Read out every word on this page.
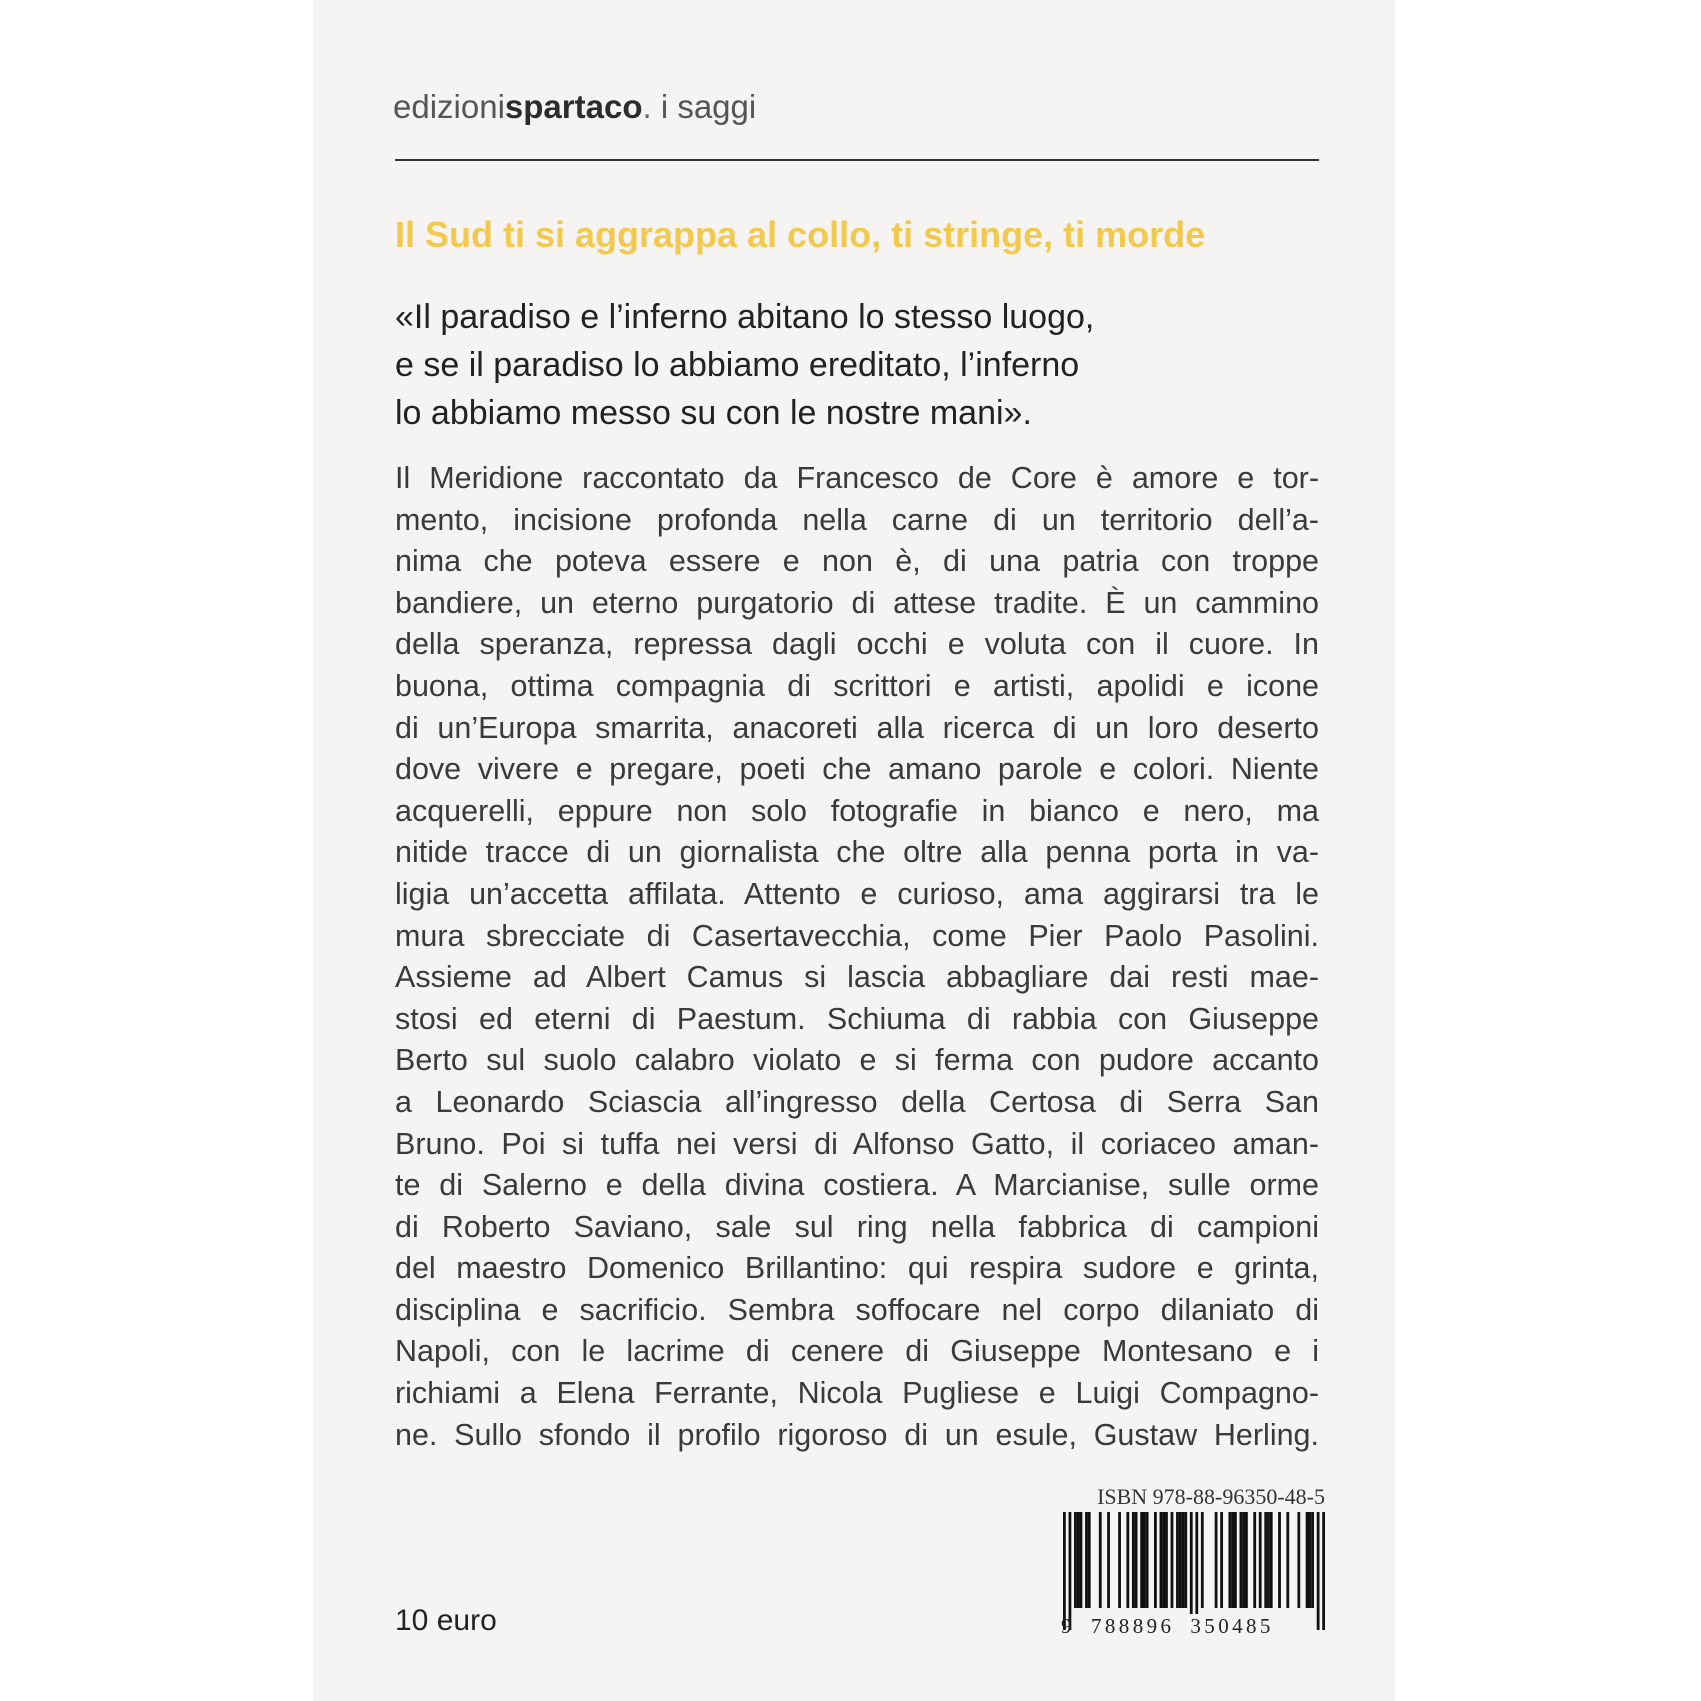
edizionispartaco. i saggi
Il Sud ti si aggrappa al collo, ti stringe, ti morde
«Il paradiso e l’inferno abitano lo stesso luogo,
e se il paradiso lo abbiamo ereditato, l’inferno
lo abbiamo messo su con le nostre mani».
Il Meridione raccontato da Francesco de Core è amore e tor-
mento, incisione profonda nella carne di un territorio dell’a-
nima che poteva essere e non è, di una patria con troppe
bandiere, un eterno purgatorio di attese tradite. È un cammino
della speranza, repressa dagli occhi e voluta con il cuore. In
buona, ottima compagnia di scrittori e artisti, apolidi e icone
di un’Europa smarrita, anacoreti alla ricerca di un loro deserto
dove vivere e pregare, poeti che amano parole e colori. Niente
acquerelli, eppure non solo fotografie in bianco e nero, ma
nitide tracce di un giornalista che oltre alla penna porta in va-
ligia un’accetta affilata. Attento e curioso, ama aggirarsi tra le
mura sbrecciate di Casertavecchia, come Pier Paolo Pasolini.
Assieme ad Albert Camus si lascia abbagliare dai resti mae-
stosi ed eterni di Paestum. Schiuma di rabbia con Giuseppe
Berto sul suolo calabro violato e si ferma con pudore accanto
a Leonardo Sciascia all’ingresso della Certosa di Serra San
Bruno. Poi si tuffa nei versi di Alfonso Gatto, il coriaceo aman-
te di Salerno e della divina costiera. A Marcianise, sulle orme
di Roberto Saviano, sale sul ring nella fabbrica di campioni
del maestro Domenico Brillantino: qui respira sudore e grinta,
disciplina e sacrificio. Sembra soffocare nel corpo dilaniato di
Napoli, con le lacrime di cenere di Giuseppe Montesano e i
richiami a Elena Ferrante, Nicola Pugliese e Luigi Compagno-
ne. Sullo sfondo il profilo rigoroso di un esule, Gustaw Herling.
ISBN 978-88-96350-48-5
9 788896 350485
10 euro
